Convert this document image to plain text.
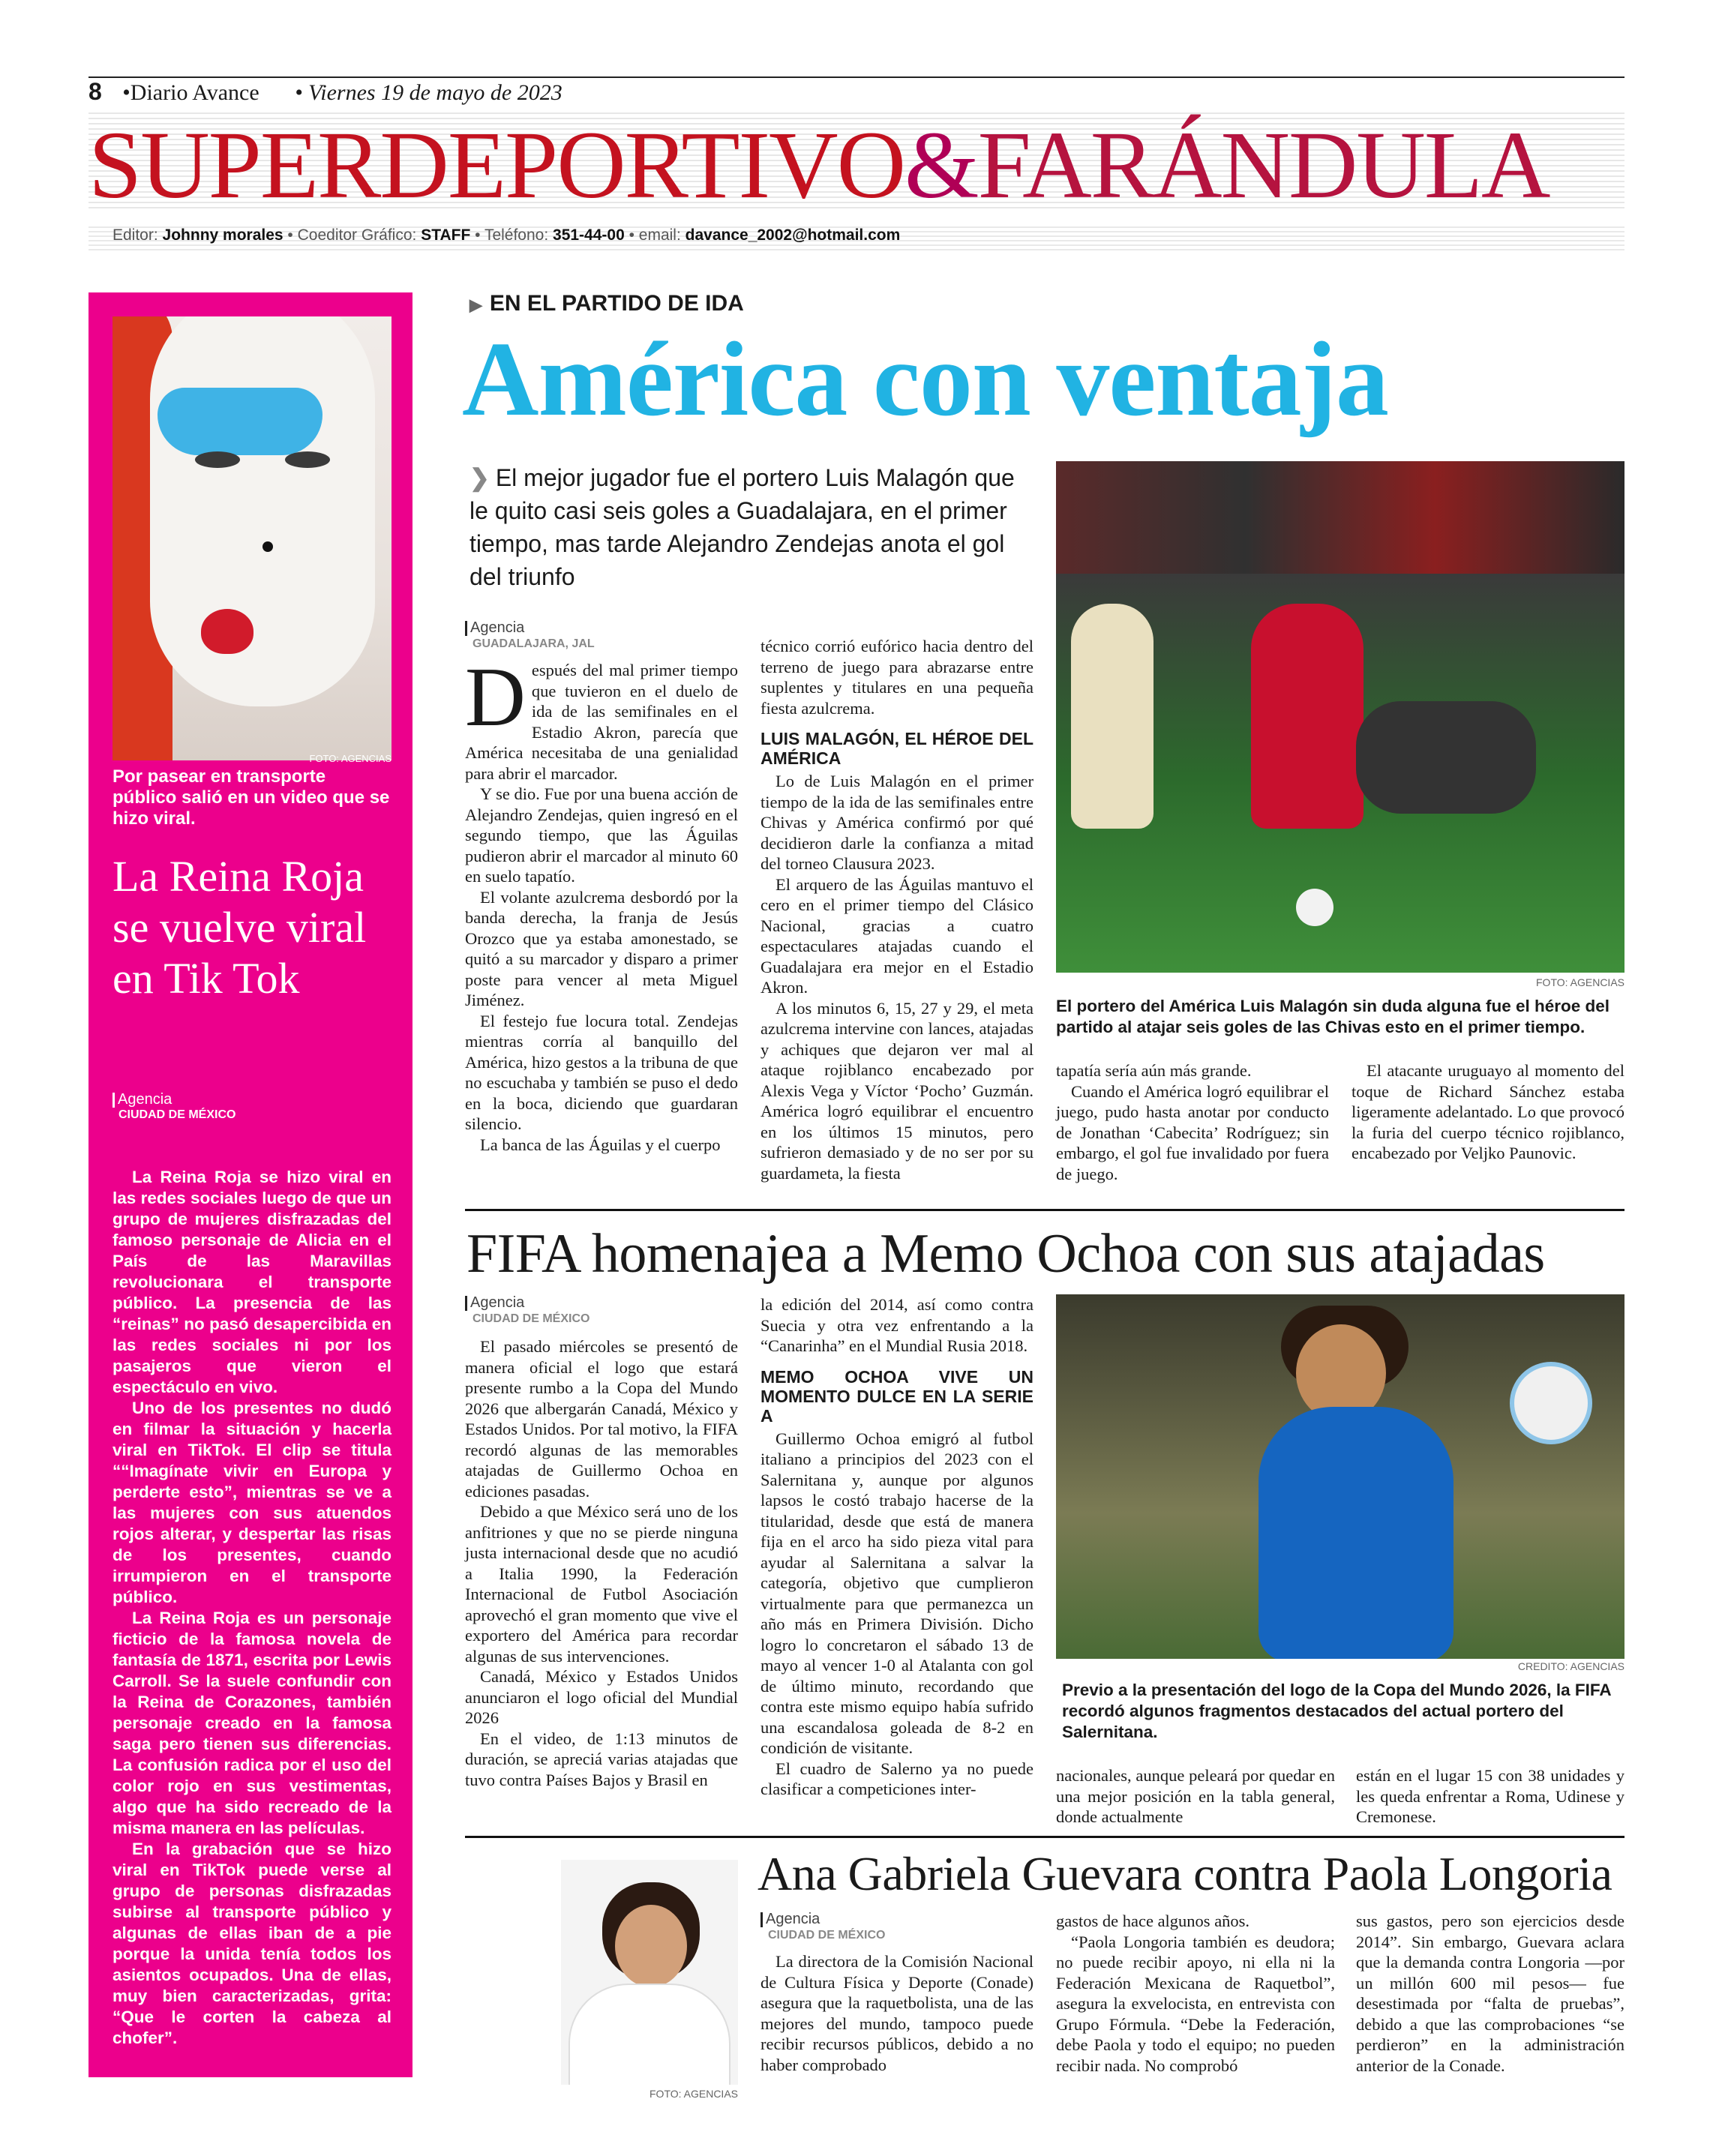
8 •Diario Avance • Viernes 19 de mayo de 2023
SUPERDEPORTIVO&FARÁNDULA
Editor: Johnny morales • Coeditor Gráfico: STAFF • Teléfono: 351-44-00 • email: davance_2002@hotmail.com
FOTO: AGENCIAS
Por pasear en transporte público salió en un video que se hizo viral.
La Reina Roja se vuelve viral en Tik Tok
Agencia
CIUDAD DE MÉXICO

La Reina Roja se hizo viral en las redes sociales luego de que un grupo de mujeres disfrazadas del famoso personaje de Alicia en el País de las Maravillas revolucionara el transporte público. La presencia de las “reinas” no pasó desapercibida en las redes sociales ni por los pasajeros que vieron el espectáculo en vivo.

Uno de los presentes no dudó en filmar la situación y hacerla viral en TikTok. El clip se titula ““Imagínate vivir en Europa y perderte esto”, mientras se ve a las mujeres con sus atuendos rojos alterar, y despertar las risas de los presentes, cuando irrumpieron en el transporte público.

La Reina Roja es un personaje ficticio de la famosa novela de fantasía de 1871, escrita por Lewis Carroll. Se la suele confundir con la Reina de Corazones, también personaje creado en la famosa saga pero tienen sus diferencias. La confusión radica por el uso del color rojo en sus vestimentas, algo que ha sido recreado de la misma manera en las películas.

En la grabación que se hizo viral en TikTok puede verse al grupo de personas disfrazadas subirse al transporte público y algunas de ellas iban de a pie porque la unida tenía todos los asientos ocupados. Una de ellas, muy bien caracterizadas, grita: “Que le corten la cabeza al chofer”.

▶ EN EL PARTIDO DE IDA
América con ventaja
❯ El mejor jugador fue el portero Luis Malagón que le quito casi seis goles a Guadalajara, en el primer tiempo, mas tarde Alejandro Zendejas anota el gol del triunfo
Agencia
GUADALAJARA, JAL

Después del mal primer tiempo que tuvieron en el duelo de ida de las semifinales en el Estadio Akron, parecía que América necesitaba de una genialidad para abrir el marcador.

Y se dio. Fue por una buena acción de Alejandro Zendejas, quien ingresó en el segundo tiempo, que las Águilas pudieron abrir el marcador al minuto 60 en suelo tapatío.

El volante azulcrema desbordó por la banda derecha, la franja de Jesús Orozco que ya estaba amonestado, se quitó a su marcador y disparo a primer poste para vencer al meta Miguel Jiménez.

El festejo fue locura total. Zendejas mientras corría al banquillo del América, hizo gestos a la tribuna de que no escuchaba y también se puso el dedo en la boca, diciendo que guardaran silencio.

La banca de las Águilas y el cuerpo

técnico corrió eufórico hacia dentro del terreno de juego para abrazarse entre suplentes y titulares en una pequeña fiesta azulcrema.

LUIS MALAGÓN, EL HÉROE DEL AMÉRICA

Lo de Luis Malagón en el primer tiempo de la ida de las semifinales entre Chivas y América confirmó por qué decidieron darle la confianza a mitad del torneo Clausura 2023.

El arquero de las Águilas mantuvo el cero en el primer tiempo del Clásico Nacional, gracias a cuatro espectaculares atajadas cuando el Guadalajara era mejor en el Estadio Akron.

A los minutos 6, 15, 27 y 29, el meta azulcrema intervine con lances, atajadas y achiques que dejaron ver mal al ataque rojiblanco encabezado por Alexis Vega y Víctor ‘Pocho’ Guzmán. América logró equilibrar el encuentro en los últimos 15 minutos, pero sufrieron demasiado y de no ser por su guardameta, la fiesta

FOTO: AGENCIAS
El portero del América Luis Malagón sin duda alguna fue el héroe del partido al atajar seis goles de las Chivas esto en el primer tiempo.

tapatía sería aún más grande.

Cuando el América logró equilibrar el juego, pudo hasta anotar por conducto de Jonathan ‘Cabecita’ Rodríguez; sin embargo, el gol fue invalidado por fuera de juego.

El atacante uruguayo al momento del toque de Richard Sánchez estaba ligeramente adelantado. Lo que provocó la furia del cuerpo técnico rojiblanco, encabezado por Veljko Paunovic.

FIFA homenajea a Memo Ochoa con sus atajadas
Agencia
CIUDAD DE MÉXICO

El pasado miércoles se presentó de manera oficial el logo que estará presente rumbo a la Copa del Mundo 2026 que albergarán Canadá, México y Estados Unidos. Por tal motivo, la FIFA recordó algunas de las memorables atajadas de Guillermo Ochoa en ediciones pasadas.

Debido a que México será uno de los anfitriones y que no se pierde ninguna justa internacional desde que no acudió a Italia 1990, la Federación Internacional de Futbol Asociación aprovechó el gran momento que vive el exportero del América para recordar algunas de sus intervenciones.

Canadá, México y Estados Unidos anunciaron el logo oficial del Mundial 2026

En el video, de 1:13 minutos de duración, se apreciá varias atajadas que tuvo contra Países Bajos y Brasil en

la edición del 2014, así como contra Suecia y otra vez enfrentando a la “Canarinha” en el Mundial Rusia 2018.

MEMO OCHOA VIVE UN MOMENTO DULCE EN LA SERIE A

Guillermo Ochoa emigró al futbol italiano a principios del 2023 con el Salernitana y, aunque por algunos lapsos le costó trabajo hacerse de la titularidad, desde que está de manera fija en el arco ha sido pieza vital para ayudar al Salernitana a salvar la categoría, objetivo que cumplieron virtualmente para que permanezca un año más en Primera División. Dicho logro lo concretaron el sábado 13 de mayo al vencer 1-0 al Atalanta con gol de último minuto, recordando que contra este mismo equipo había sufrido una escandalosa goleada de 8-2 en condición de visitante.

El cuadro de Salerno ya no puede clasificar a competiciones inter-

CREDITO: AGENCIAS
Previo a la presentación del logo de la Copa del Mundo 2026, la FIFA recordó algunos fragmentos destacados del actual portero del Salernitana.

nacionales, aunque peleará por quedar en una mejor posición en la tabla general, donde actualmente

están en el lugar 15 con 38 unidades y les queda enfrentar a Roma, Udinese y Cremonese.

FOTO: AGENCIAS
Ana Gabriela Guevara contra Paola Longoria
Agencia
CIUDAD DE MÉXICO

La directora de la Comisión Nacional de Cultura Física y Deporte (Conade) asegura que la raquetbolista, una de las mejores del mundo, tampoco puede recibir recursos públicos, debido a no haber comprobado

gastos de hace algunos años.

“Paola Longoria también es deudora; no puede recibir apoyo, ni ella ni la Federación Mexicana de Raquetbol”, asegura la exvelocista, en entrevista con Grupo Fórmula. “Debe la Federación, debe Paola y todo el equipo; no pueden recibir nada. No comprobó

sus gastos, pero son ejercicios desde 2014”. Sin embargo, Guevara aclara que la demanda contra Longoria —por un millón 600 mil pesos— fue desestimada por “falta de pruebas”, debido a que las comprobaciones “se perdieron” en la administración anterior de la Conade.
